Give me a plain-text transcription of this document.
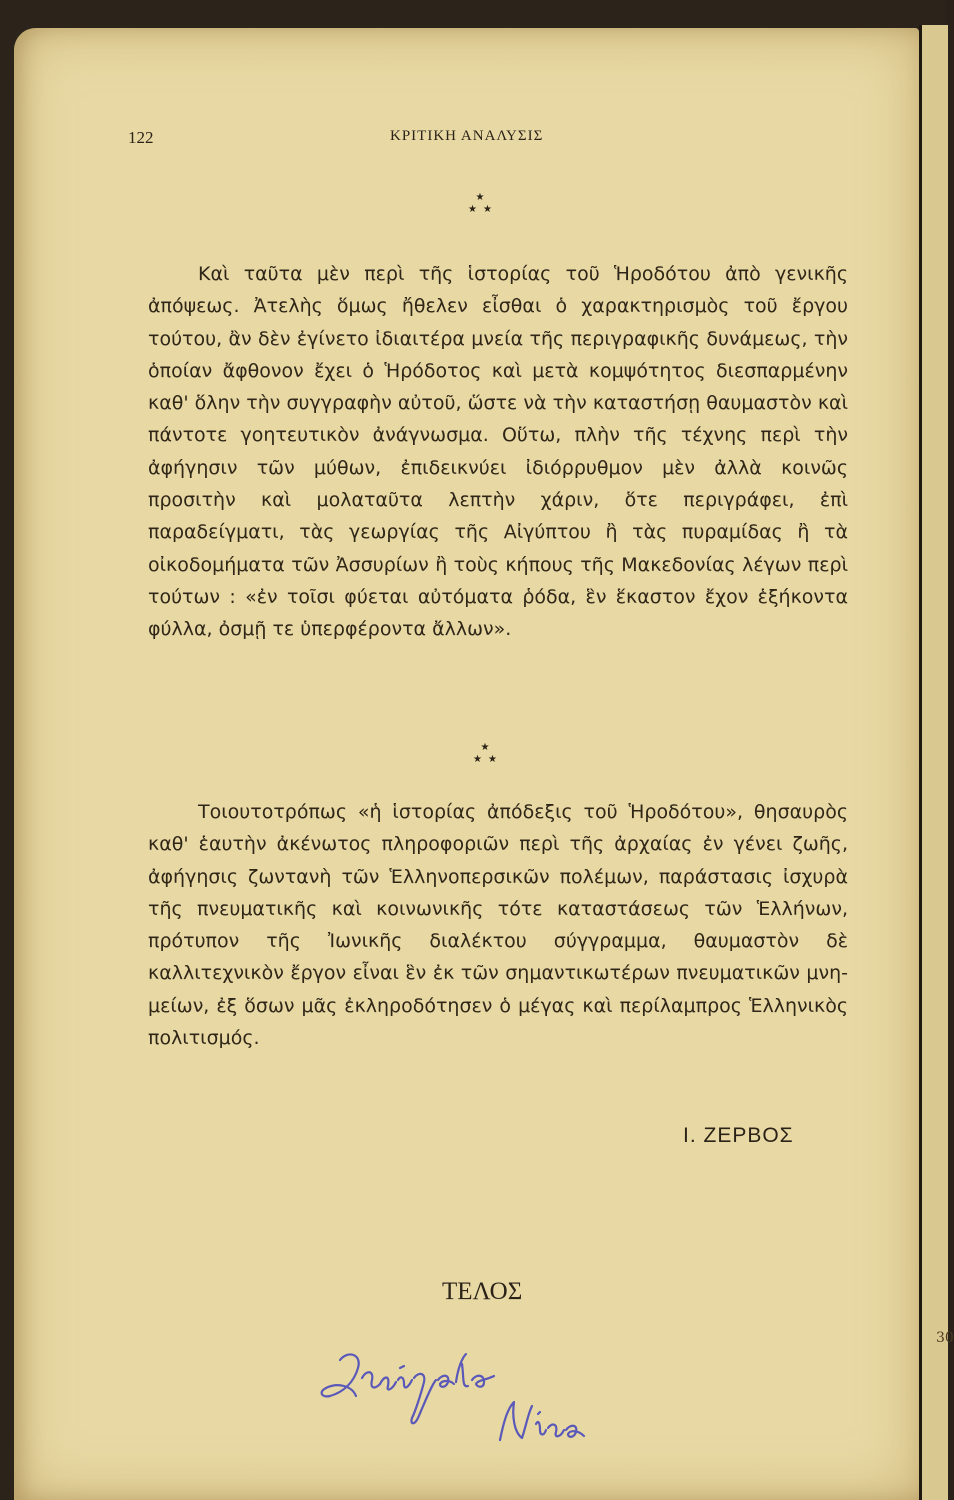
30
122	ΚΡΙΤΙΚΗ ΑΝΑΛΥΣΙΣ
★
★★
Καὶ ταῦτα μὲν περὶ τῆς ἱστορίας τοῦ Ἡροδότου ἀπὸ γενικῆς ἀπόψεως. Ἀτελὴς ὅμως ἤθελεν εἶσθαι ὁ χαρακτηρισμὸς τοῦ ἔργου τούτου, ἂν δὲν ἐγίνετο ἰδιαιτέρα μνεία τῆς περιγραφικῆς δυνάμεως, τὴν ὁποίαν ἄφθονον ἔχει ὁ Ἡρόδοτος καὶ μετὰ κομψότητος διεσπαρμένην καθ' ὅλην τὴν συγγραφὴν αὐτοῦ, ὥστε νὰ τὴν καταστήσῃ θαυμαστὸν καὶ πάντοτε γοητευτικὸν ἀνάγνωσμα. Οὕτω, πλὴν τῆς τέχνης περὶ τὴν ἀφήγησιν τῶν μύθων, ἐπιδεικνύει ἰδιόρρυθμον μὲν ἀλλὰ κοινῶς προσιτὴν καὶ μολαταῦτα λεπτὴν χάριν, ὅτε περιγράφει, ἐπὶ παραδείγματι, τὰς γεωργίας τῆς Αἰγύπτου ἢ τὰς πυραμίδας ἢ τὰ οἰκοδομήματα τῶν Ἀσσυρίων ἢ τοὺς κήπους τῆς Μακεδονίας λέγων περὶ τούτων : «ἐν τοῖσι φύεται αὐτόματα ῥόδα, ἓν ἕκαστον ἔχον ἑξήκοντα φύλλα, ὀσμῇ τε ὑπερφέροντα ἄλλων».
★
★★
Τοιουτοτρόπως «ἡ ἱστορίας ἀπόδεξις τοῦ Ἡροδότου», θησαυρὸς καθ' ἑαυτὴν ἀκένωτος πληροφοριῶν περὶ τῆς ἀρχαίας ἐν γένει ζωῆς, ἀφήγησις ζωντανὴ τῶν Ἑλληνοπερσικῶν πολέμων, παράστασις ἰσχυρὰ τῆς πνευματικῆς καὶ κοινωνικῆς τότε καταστάσεως τῶν Ἑλλήνων, πρότυπον τῆς Ἰωνικῆς διαλέκτου σύγγραμμα, θαυμαστὸν δὲ καλλιτεχνικὸν ἔργον εἶναι ἓν ἐκ τῶν σημαντικωτέρων πνευματικῶν μνημείων, ἐξ ὅσων μᾶς ἐκληροδότησεν ὁ μέγας καὶ περίλαμπρος Ἑλληνικὸς πολιτισμός.
Ι. ΖΕΡΒΟΣ
ΤΕΛΟΣ
